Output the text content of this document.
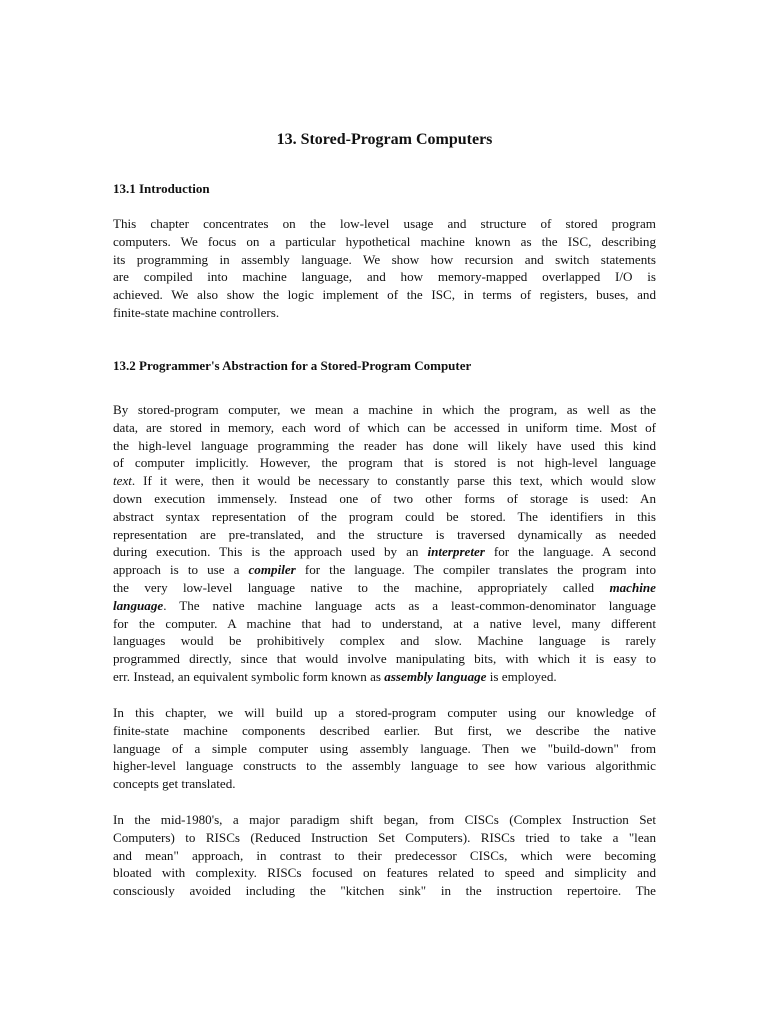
13. Stored-Program Computers
13.1 Introduction
This chapter concentrates on the low-level usage and structure of stored program
computers. We focus on a particular hypothetical machine known as the ISC, describing
its programming in assembly language. We show how recursion and switch statements
are compiled into machine language, and how memory-mapped overlapped I/O is
achieved. We also show the logic implement of the ISC, in terms of registers, buses, and
finite-state machine controllers.
13.2 Programmer's Abstraction for a Stored-Program Computer
By stored-program computer, we mean a machine in which the program, as well as the
data, are stored in memory, each word of which can be accessed in uniform time. Most of
the high-level language programming the reader has done will likely have used this kind
of computer implicitly. However, the program that is stored is not high-level language
text. If it were, then it would be necessary to constantly parse this text, which would slow
down execution immensely. Instead one of two other forms of storage is used: An
abstract syntax representation of the program could be stored. The identifiers in this
representation are pre-translated, and the structure is traversed dynamically as needed
during execution. This is the approach used by an interpreter for the language. A second
approach is to use a compiler for the language. The compiler translates the program into
the very low-level language native to the machine, appropriately called machine
language. The native machine language acts as a least-common-denominator language
for the computer. A machine that had to understand, at a native level, many different
languages would be prohibitively complex and slow. Machine language is rarely
programmed directly, since that would involve manipulating bits, with which it is easy to
err. Instead, an equivalent symbolic form known as assembly language is employed.
In this chapter, we will build up a stored-program computer using our knowledge of
finite-state machine components described earlier. But first, we describe the native
language of a simple computer using assembly language. Then we "build-down" from
higher-level language constructs to the assembly language to see how various algorithmic
concepts get translated.
In the mid-1980's, a major paradigm shift began, from CISCs (Complex Instruction Set
Computers) to RISCs (Reduced Instruction Set Computers). RISCs tried to take a "lean
and mean" approach, in contrast to their predecessor CISCs, which were becoming
bloated with complexity. RISCs focused on features related to speed and simplicity and
consciously avoided including the "kitchen sink" in the instruction repertoire. The
